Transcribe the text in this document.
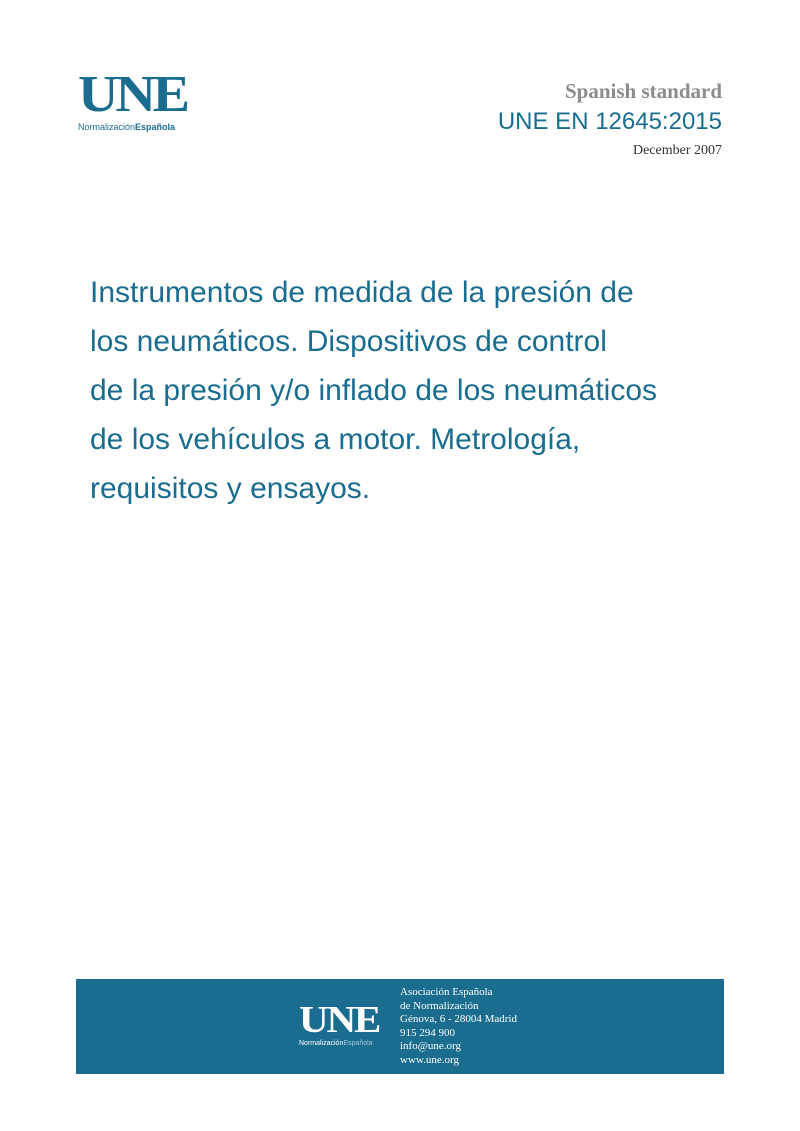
UNE
NormalizaciónEspañola
Spanish standard
UNE EN 12645:2015
December 2007
Instrumentos de medida de la presión de
los neumáticos. Dispositivos de control
de la presión y/o inflado de los neumáticos
de los vehículos a motor. Metrología,
requisitos y ensayos.
UNE
NormalizaciónEspañola
Asociación Española
de Normalización
Génova, 6 - 28004 Madrid
915 294 900
info@une.org
www.une.org
